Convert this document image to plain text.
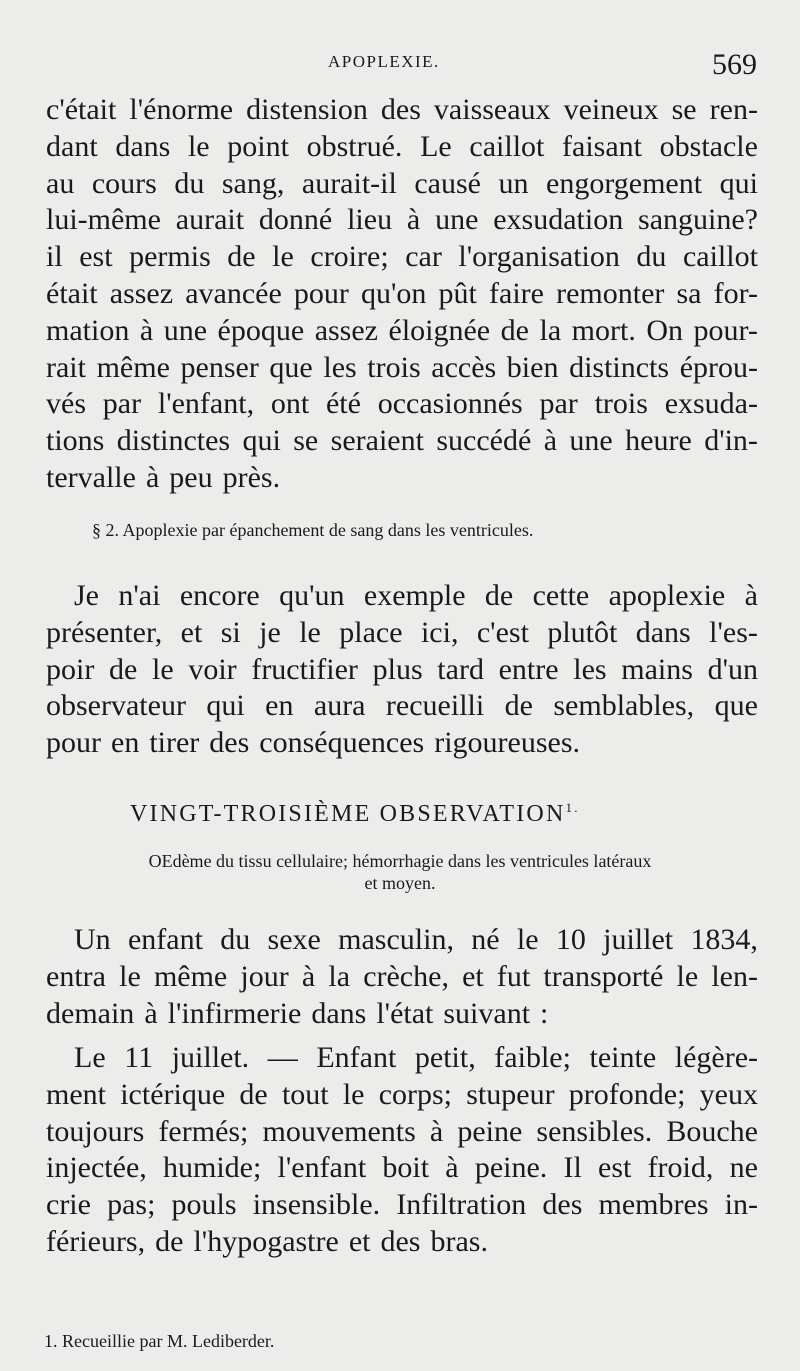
APOPLEXIE.	569
c'était l'énorme distension des vaisseaux veineux se ren-
dant dans le point obstrué. Le caillot faisant obstacle
au cours du sang, aurait-il causé un engorgement qui
lui-même aurait donné lieu à une exsudation sanguine?
il est permis de le croire; car l'organisation du caillot
était assez avancée pour qu'on pût faire remonter sa for-
mation à une époque assez éloignée de la mort. On pour-
rait même penser que les trois accès bien distincts éprou-
vés par l'enfant, ont été occasionnés par trois exsuda-
tions distinctes qui se seraient succédé à une heure d'in-
tervalle à peu près.
§ 2. Apoplexie par épanchement de sang dans les ventricules.
Je n'ai encore qu'un exemple de cette apoplexie à
présenter, et si je le place ici, c'est plutôt dans l'es-
poir de le voir fructifier plus tard entre les mains d'un
observateur qui en aura recueilli de semblables, que
pour en tirer des conséquences rigoureuses.
VINGT-TROISIÈME $OBSERVATION^{1.}$
OEdème du tissu cellulaire; hémorrhagie dans les ventricules latéraux
et moyen.
Un enfant du sexe masculin, né le 10 juillet 1834,
entra le même jour à la crèche, et fut transporté le len-
demain à l'infirmerie dans l'état suivant :
Le 11 juillet. — Enfant petit, faible; teinte légère-
ment ictérique de tout le corps; stupeur profonde; yeux
toujours fermés; mouvements à peine sensibles. Bouche
injectée, humide; l'enfant boit à peine. Il est froid, ne
crie pas; pouls insensible. Infiltration des membres in-
férieurs, de l'hypogastre et des bras.
1. Recueillie par M. Lediberder.
